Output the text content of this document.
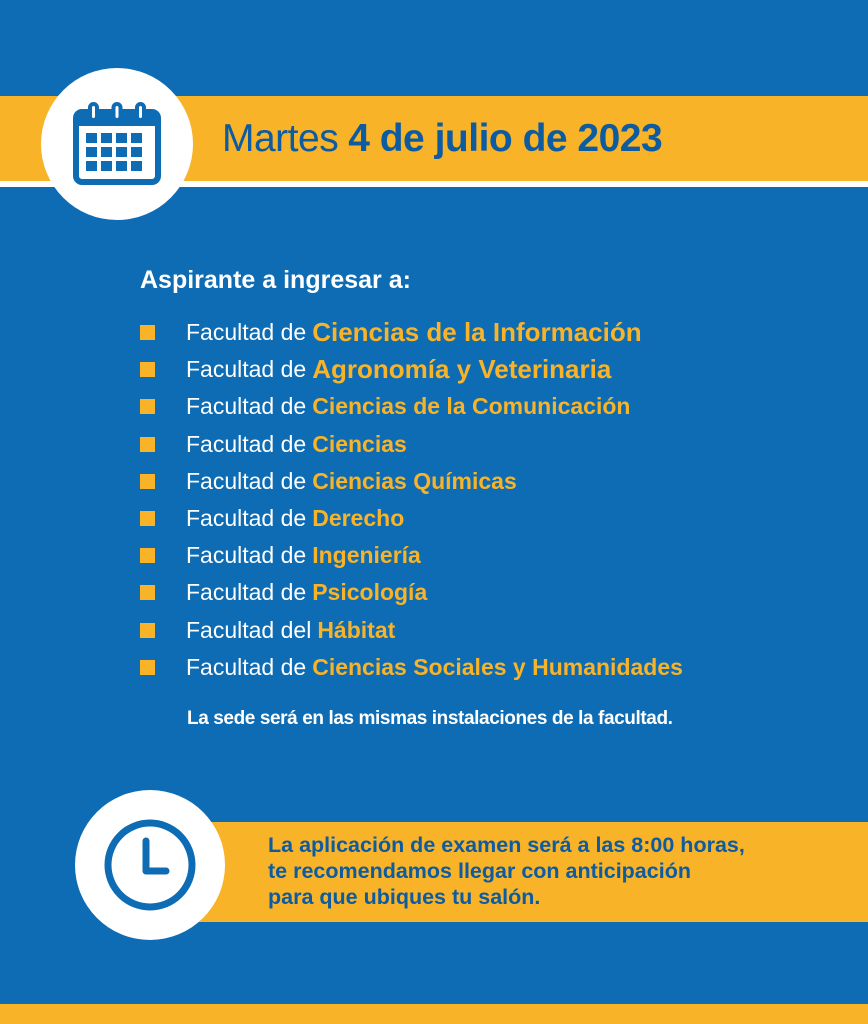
Martes 4 de julio de 2023
Aspirante a ingresar a:
Facultad de Ciencias de la Información
Facultad de Agronomía y Veterinaria
Facultad de Ciencias de la Comunicación
Facultad de Ciencias
Facultad de Ciencias Químicas
Facultad de Derecho
Facultad de Ingeniería
Facultad de Psicología
Facultad del Hábitat
Facultad de Ciencias Sociales y Humanidades
La sede será en las mismas instalaciones de la facultad.
La aplicación de examen será a las 8:00 horas,
te recomendamos llegar con anticipación
para que ubiques tu salón.
